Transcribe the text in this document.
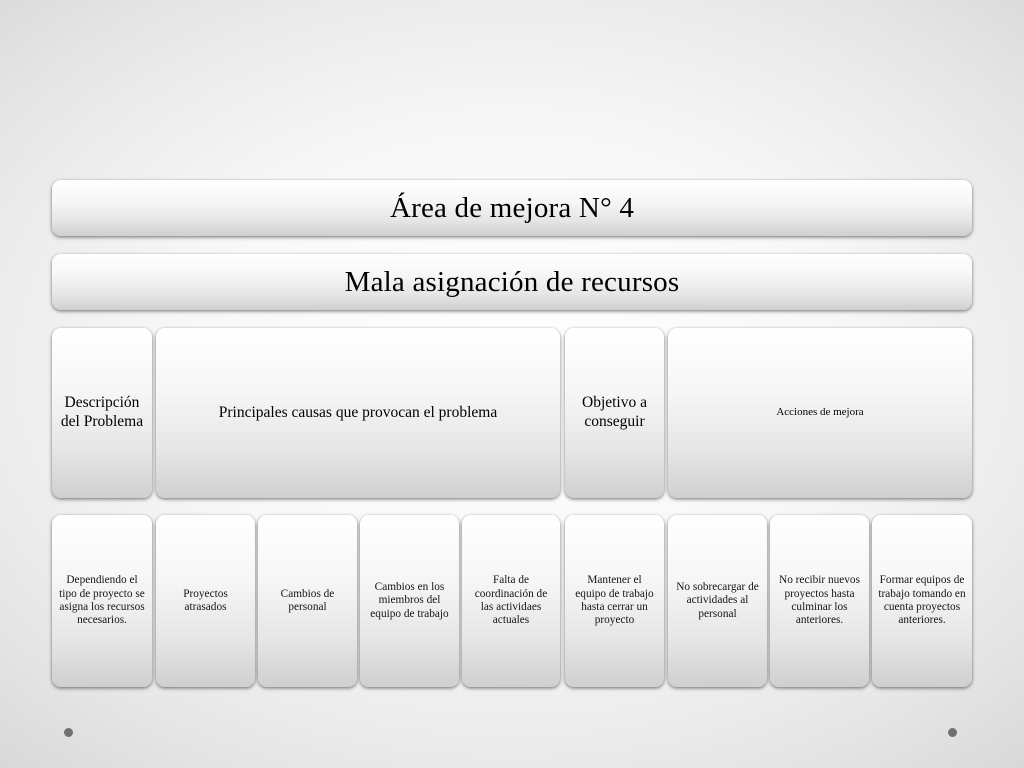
Área de mejora N° 4
Mala asignación de recursos
Descripción del Problema
Principales causas que provocan el problema
Objetivo a conseguir
Acciones de mejora
Dependiendo el tipo de proyecto se asigna los recursos necesarios.
Proyectos atrasados
Cambios de personal
Cambios en los miembros del equipo de trabajo
Falta de coordinación de las actividaes actuales
Mantener el equipo de trabajo hasta cerrar un proyecto
No sobrecargar de actividades al personal
No recibir nuevos proyectos hasta culminar los anteriores.
Formar equipos de trabajo tomando en cuenta proyectos anteriores.
